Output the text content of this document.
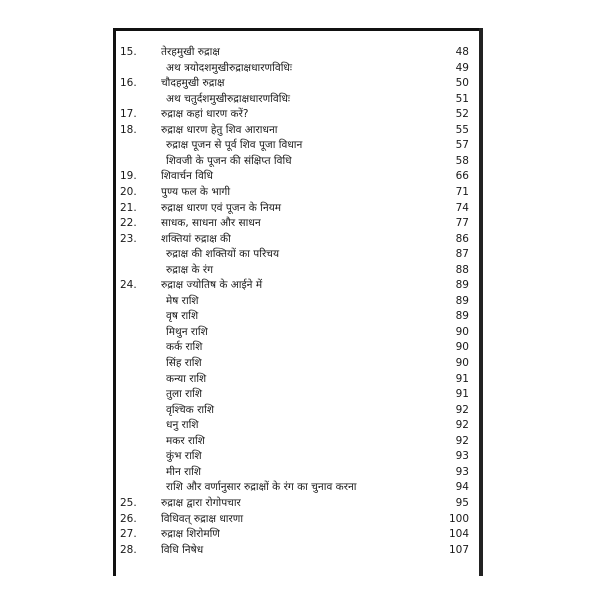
15.	तेरहमुखी रुद्राक्ष	48
अथ त्रयोदशमुखीरुद्राक्षधारणविधिः	49
16.	चौदहमुखी रुद्राक्ष	50
अथ चतुर्दशमुखीरुद्राक्षधारणविधिः	51
17.	रुद्राक्ष कहां धारण करें?	52
18.	रुद्राक्ष धारण हेतु शिव आराधना	55
रुद्राक्ष पूजन से पूर्व शिव पूजा विधान	57
शिवजी के पूजन की संक्षिप्त विधि	58
19.	शिवार्चन विधि	66
20.	पुण्य फल के भागी	71
21.	रुद्राक्ष धारण एवं पूजन के नियम	74
22.	साधक, साधना और साधन	77
23.	शक्तियां रुद्राक्ष की	86
रुद्राक्ष की शक्तियों का परिचय	87
रुद्राक्ष के रंग	88
24.	रुद्राक्ष ज्योतिष के आईने में	89
मेष राशि	89
वृष राशि	89
मिथुन राशि	90
कर्क राशि	90
सिंह राशि	90
कन्या राशि	91
तुला राशि	91
वृश्चिक राशि	92
धनु राशि	92
मकर राशि	92
कुंभ राशि	93
मीन राशि	93
राशि और वर्णानुसार रुद्राक्षों के रंग का चुनाव करना	94
25.	रुद्राक्ष द्वारा रोगोपचार	95
26.	विधिवत् रुद्राक्ष धारणा	100
27.	रुद्राक्ष शिरोमणि	104
28.	विधि निषेध	107
